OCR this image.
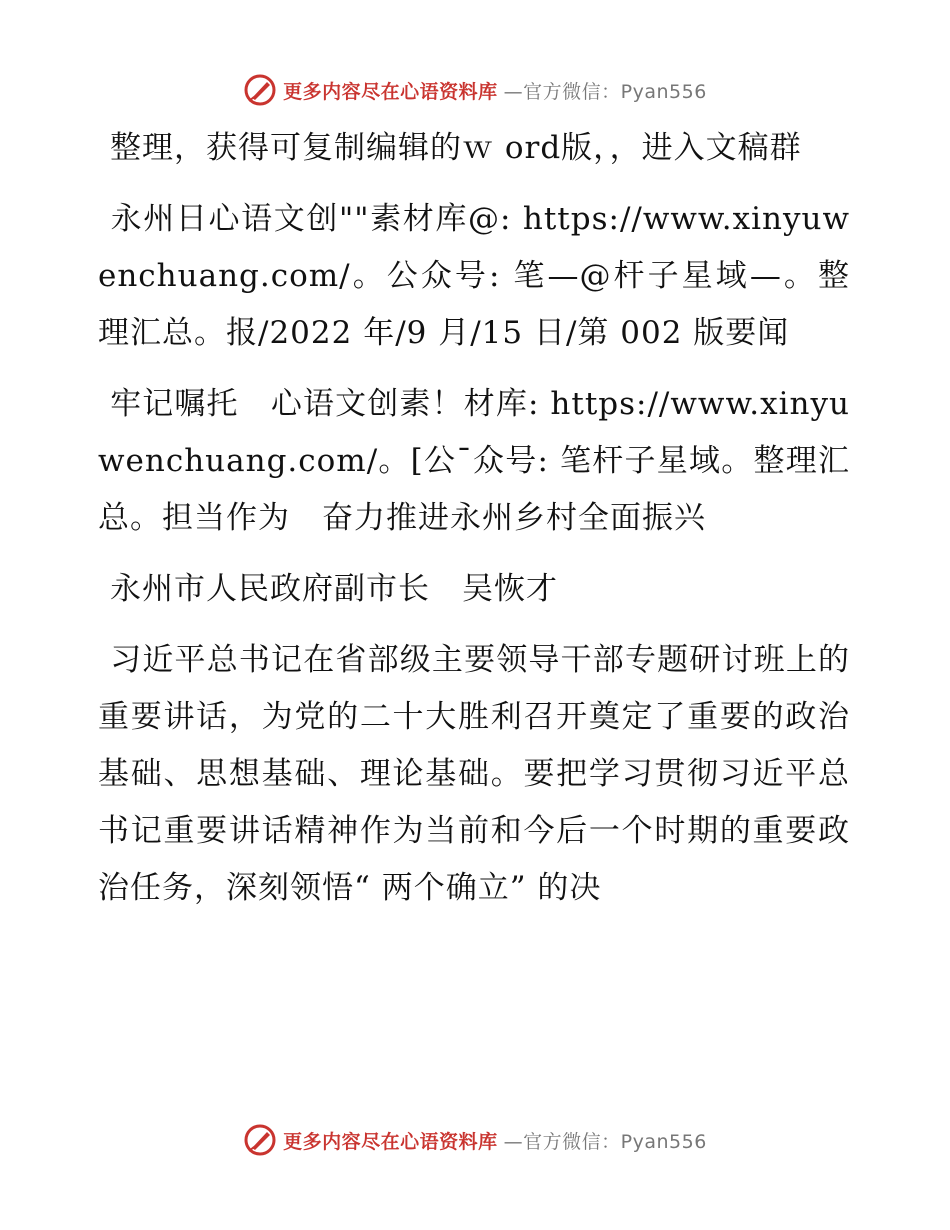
更多内容尽在心语资料库 —官方微信：Pyan556

整理，获得可复制编辑的ｗ ord版，，进入文稿群

永州日心语文创""素材库@: https://www.xinyuwenchuang.com/。公众号: 笔—@杆子星域—。整理汇总。报/2022 年/9 月/15 日/第 002 版要闻

牢记嘱托　心语文创素！材库: https://www.xinyuwenchuang.com/。[公¯众号: 笔杆子星域。整理汇总。担当作为　奋力推进永州乡村全面振兴

永州市人民政府副市长　吴恢才

习近平总书记在省部级主要领导干部专题研讨班上的重要讲话，为党的二十大胜利召开奠定了重要的政治基础、思想基础、理论基础。要把学习贯彻习近平总书记重要讲话精神作为当前和今后一个时期的重要政治任务，深刻领悟“ 两个确立” 的决

更多内容尽在心语资料库 —官方微信：Pyan556
